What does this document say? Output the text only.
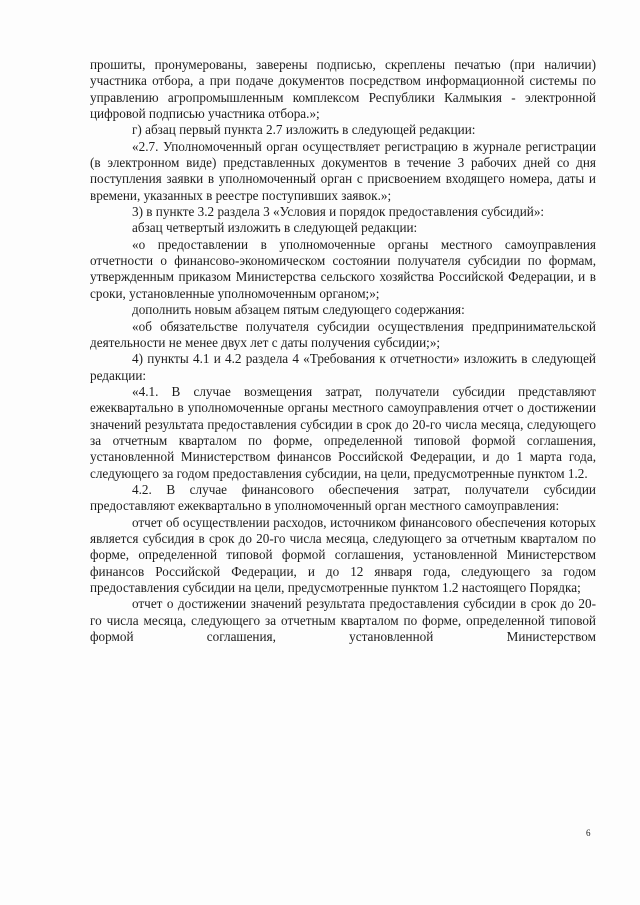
прошиты, пронумерованы, заверены подписью, скреплены печатью (при наличии) участника отбора, а при подаче документов посредством информационной системы по управлению агропромышленным комплексом Республики Калмыкия - электронной цифровой подписью участника отбора.»;

г) абзац первый пункта 2.7 изложить в следующей редакции:

«2.7. Уполномоченный орган осуществляет регистрацию в журнале регистрации (в электронном виде) представленных документов в течение 3 рабочих дней со дня поступления заявки в уполномоченный орган с присвоением входящего номера, даты и времени, указанных в реестре поступивших заявок.»;

3) в пункте 3.2 раздела 3 «Условия и порядок предоставления субсидий»:

абзац четвертый изложить в следующей редакции:

«о предоставлении в уполномоченные органы местного самоуправления отчетности о финансово-экономическом состоянии получателя субсидии по формам, утвержденным приказом Министерства сельского хозяйства Российской Федерации, и в сроки, установленные уполномоченным органом;»;

дополнить новым абзацем пятым следующего содержания:

«об обязательстве получателя субсидии осуществления предпринимательской деятельности не менее двух лет с даты получения субсидии;»;

4) пункты 4.1 и 4.2 раздела 4 «Требования к отчетности» изложить в следующей редакции:

«4.1. В случае возмещения затрат, получатели субсидии представляют ежеквартально в уполномоченные органы местного самоуправления отчет о достижении значений результата предоставления субсидии в срок до 20-го числа месяца, следующего за отчетным кварталом по форме, определенной типовой формой соглашения, установленной Министерством финансов Российской Федерации, и до 1 марта года, следующего за годом предоставления субсидии, на цели, предусмотренные пунктом 1.2.

4.2. В случае финансового обеспечения затрат, получатели субсидии предоставляют ежеквартально в уполномоченный орган местного самоуправления:

отчет об осуществлении расходов, источником финансового обеспечения которых является субсидия в срок до 20-го числа месяца, следующего за отчетным кварталом по форме, определенной типовой формой соглашения, установленной Министерством финансов Российской Федерации, и до 12 января года, следующего за годом предоставления субсидии на цели, предусмотренные пунктом 1.2 настоящего Порядка;

отчет о достижении значений результата предоставления субсидии в срок до 20-го числа месяца, следующего за отчетным кварталом по форме, определенной типовой формой соглашения, установленной Министерством

6
